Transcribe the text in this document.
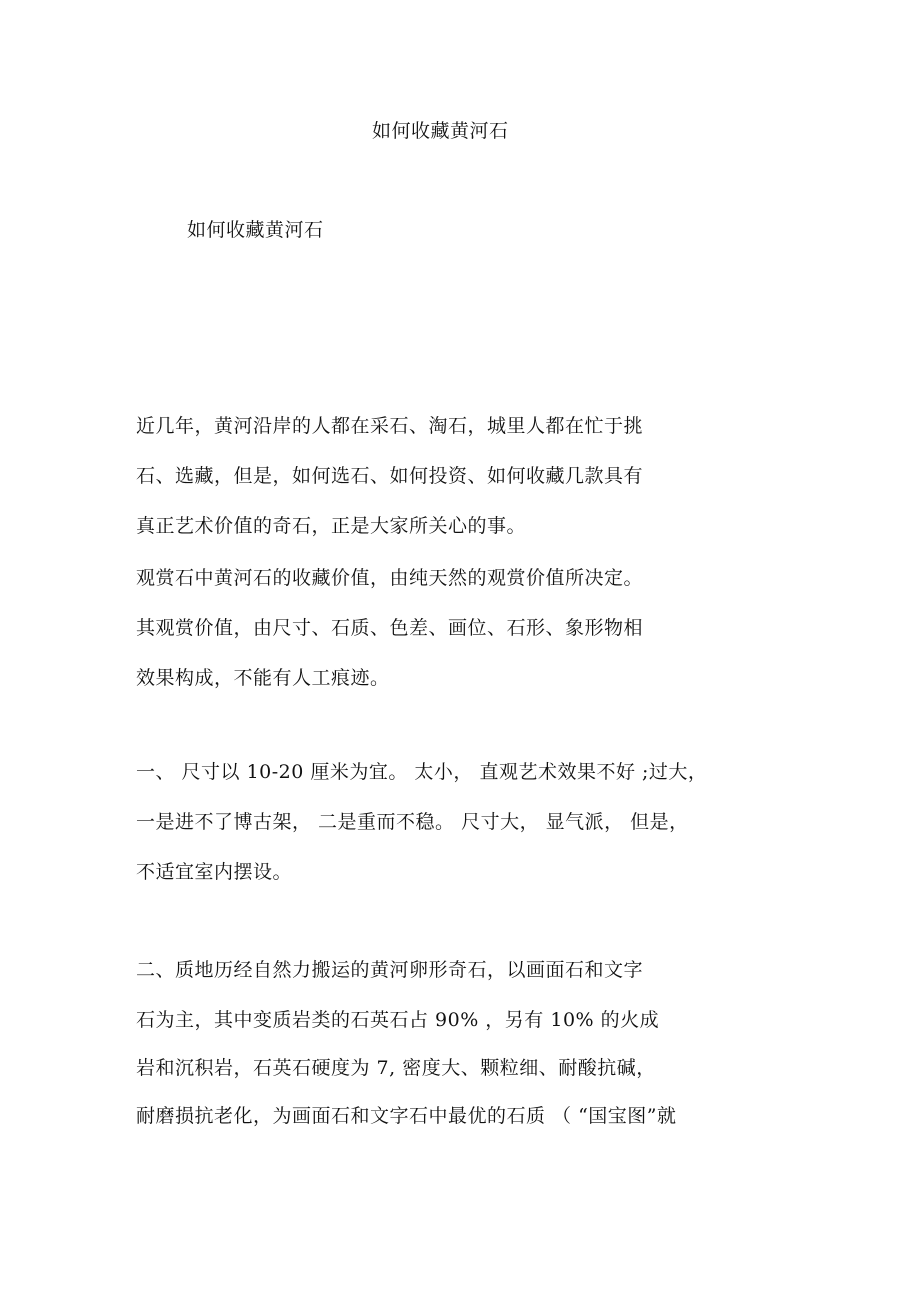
如何收藏黄河石
如何收藏黄河石
近几年，黄河沿岸的人都在采石、淘石，城里人都在忙于挑
石、选藏，但是，如何选石、如何投资、如何收藏几款具有
真正艺术价值的奇石，正是大家所关心的事。
观赏石中黄河石的收藏价值，由纯天然的观赏价值所决定。
其观赏价值，由尺寸、石质、色差、画位、石形、象形物相
效果构成，不能有人工痕迹。
一、 尺寸以 10-20 厘米为宜。 太小， 直观艺术效果不好 ;过大，
一是进不了博古架， 二是重而不稳。 尺寸大， 显气派， 但是，
不适宜室内摆设。
二、质地历经自然力搬运的黄河卵形奇石，以画面石和文字
石为主，其中变质岩类的石英石占 90% ，另有 10% 的火成
岩和沉积岩，石英石硬度为 7, 密度大、颗粒细、耐酸抗碱，
耐磨损抗老化，为画面石和文字石中最优的石质 （ “国宝图”就
